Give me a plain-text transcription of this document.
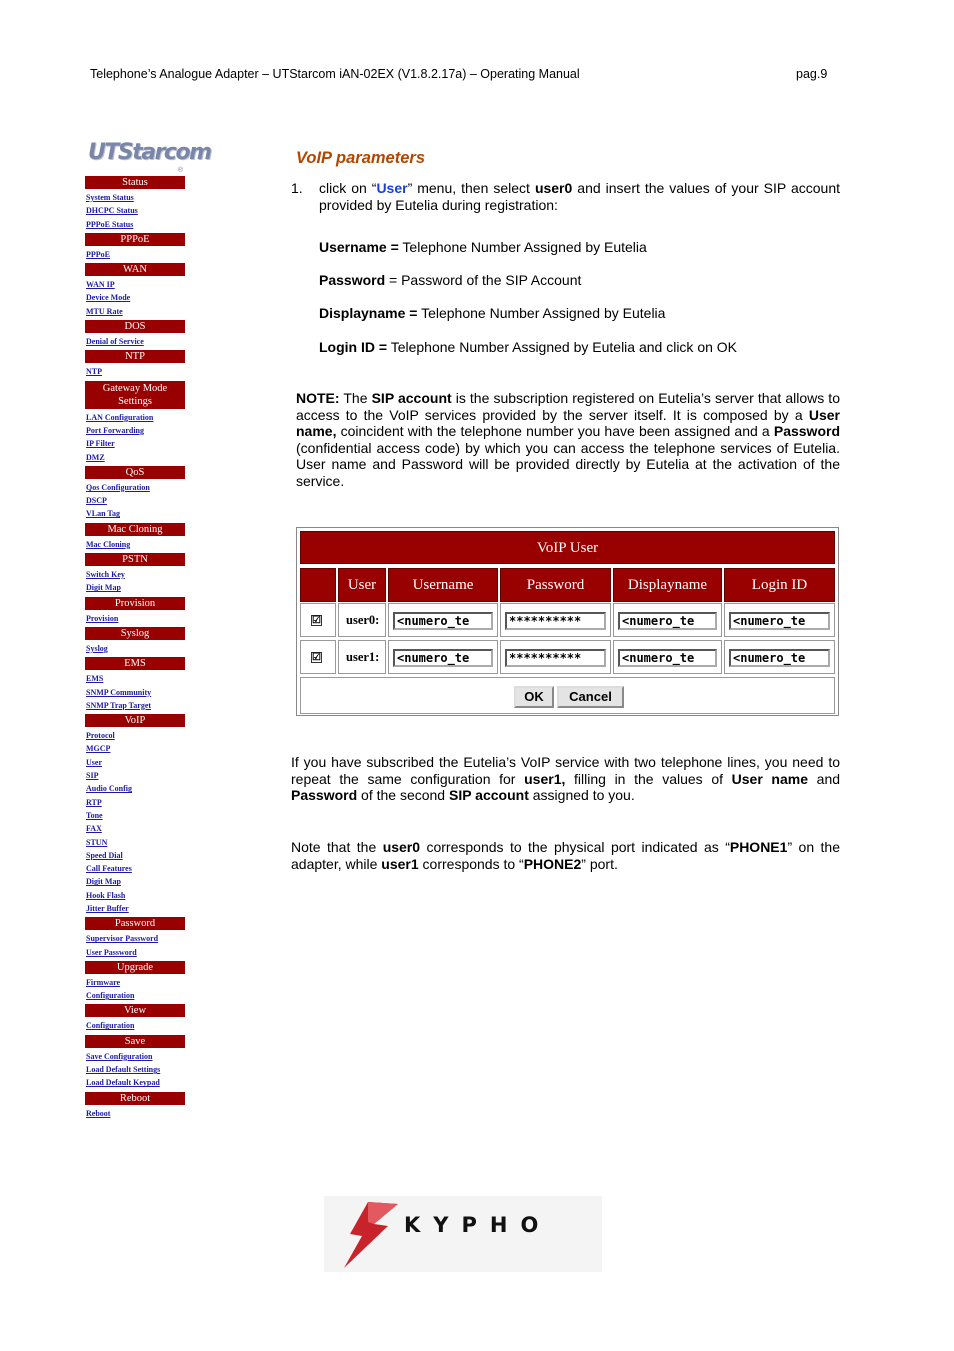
Telephone’s Analogue Adapter – UTStarcom iAN-02EX (V1.8.2.17a) – Operating Manual	pag.9
UTStarcom
®
Status
System Status
DHCPC Status
PPPoE Status
PPPoE
PPPoE
WAN
WAN IP
Device Mode
MTU Rate
DOS
Denial of Service
NTP
NTP
Gateway Mode
Settings
LAN Configuration
Port Forwarding
IP Filter
DMZ
QoS
Qos Configuration
DSCP
VLan Tag
Mac Cloning
Mac Cloning
PSTN
Switch Key
Digit Map
Provision
Provision
Syslog
Syslog
EMS
EMS
SNMP Community
SNMP Trap Target
VoIP
Protocol
MGCP
User
SIP
Audio Config
RTP
Tone
FAX
STUN
Speed Dial
Call Features
Digit Map
Hook Flash
Jitter Buffer
Password
Supervisor Password
User Password
Upgrade
Firmware
Configuration
View
Configuration
Save
Save Configuration
Load Default Settings
Load Default Keypad
Reboot
Reboot
VoIP parameters
1. click on “User” menu, then select user0 and insert the values of your SIP account provided by Eutelia during registration:
Username = Telephone Number Assigned by Eutelia
Password = Password of the SIP Account
Displayname = Telephone Number Assigned by Eutelia
Login ID = Telephone Number Assigned by Eutelia and click on OK
NOTE: The SIP account is the subscription registered on Eutelia’s server that allows to access to the VoIP services provided by the server itself. It is composed by a User name, coincident with the telephone number you have been assigned and a Password (confidential access code) by which you can access the telephone services of Eutelia. User name and Password will be provided directly by Eutelia at the activation of the service.
VoIP User
User	Username	Password	Displayname	Login ID
☑ user0:	<numero_te	**********	<numero_te	<numero_te
☑ user1:	<numero_te	**********	<numero_te	<numero_te
OK	Cancel
If you have subscribed the Eutelia’s VoIP service with two telephone lines, you need to repeat the same configuration for user1, filling in the values of User name and Password of the second SIP account assigned to you.
Note that the user0 corresponds to the physical port indicated as “PHONE1” on the adapter, while user1 corresponds to “PHONE2” port.
KYPHO
